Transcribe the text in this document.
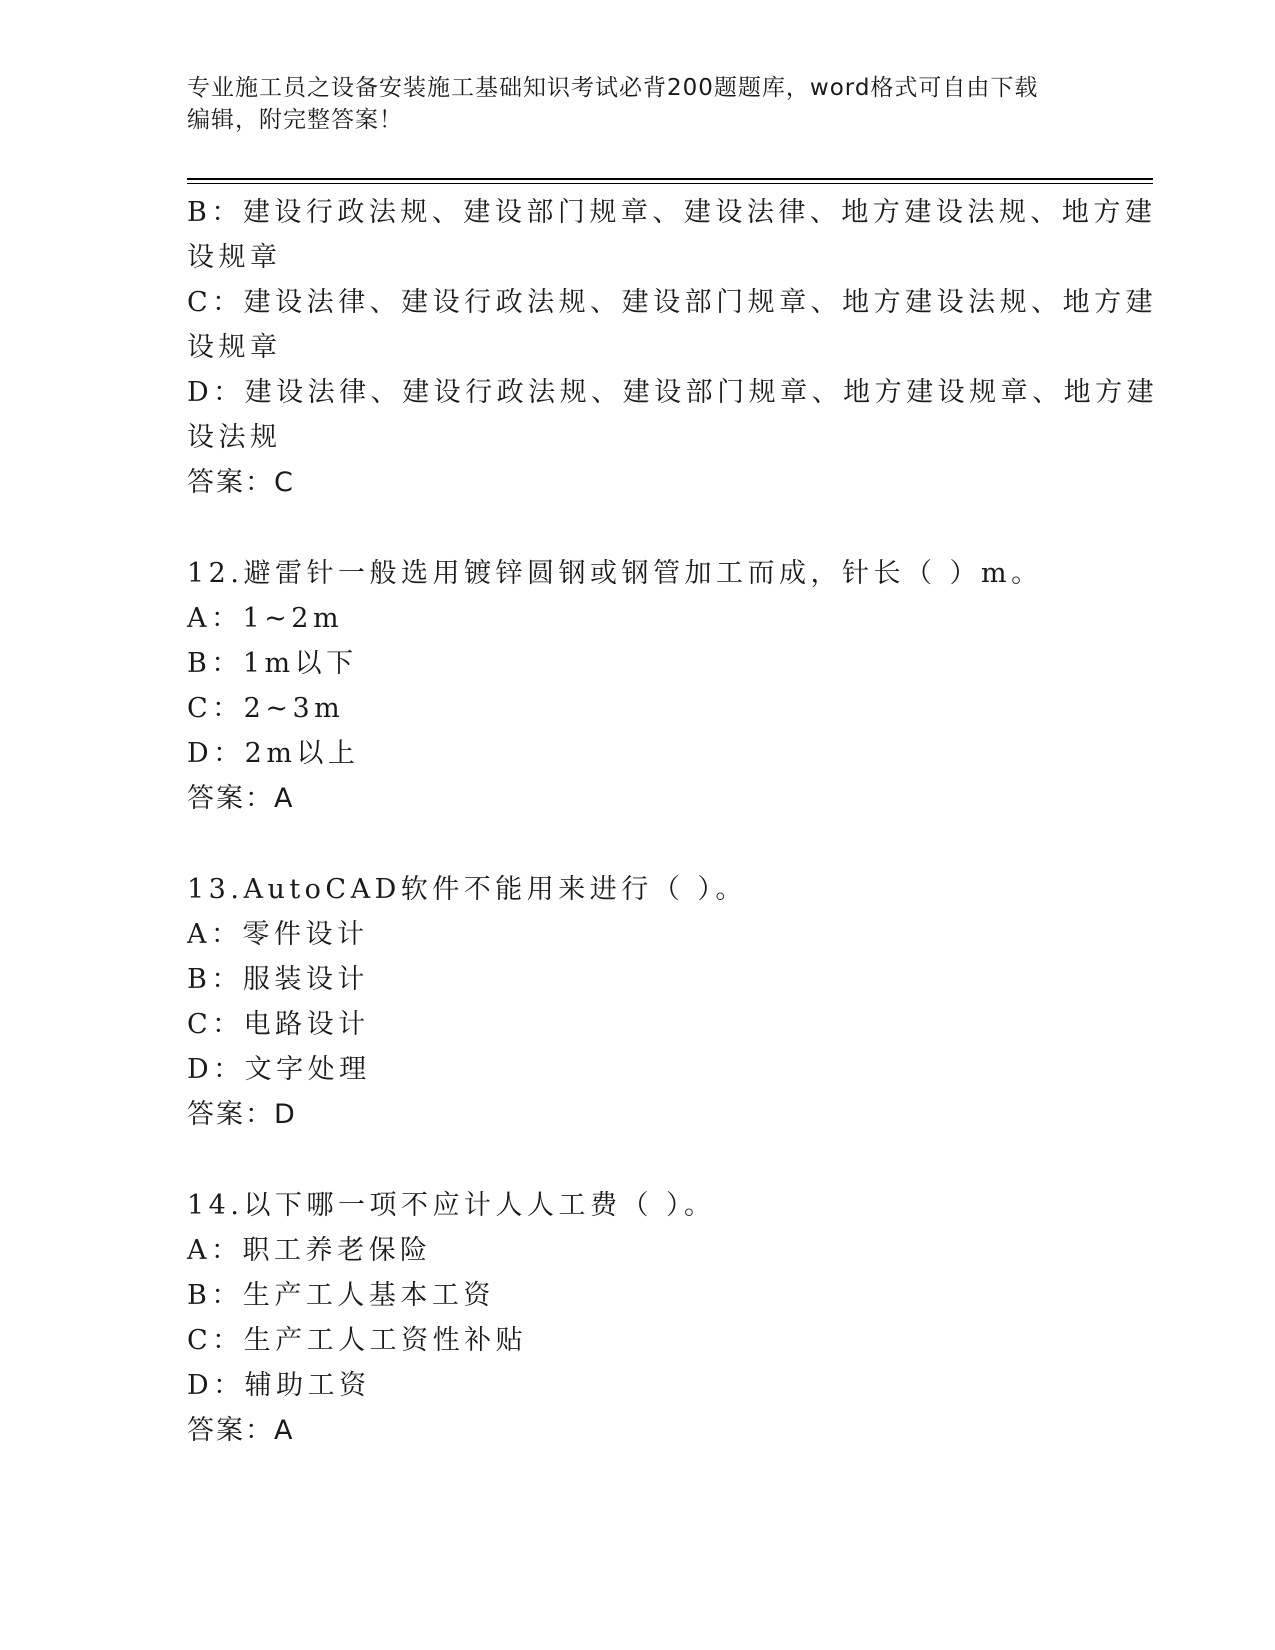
专业施工员之设备安装施工基础知识考试必背200题题库，word格式可自由下载
编辑，附完整答案！
B：建设行政法规、建设部门规章、建设法律、地方建设法规、地方建
设规章
C：建设法律、建设行政法规、建设部门规章、地方建设法规、地方建
设规章
D：建设法律、建设行政法规、建设部门规章、地方建设规章、地方建
设法规
答案：C
12.避雷针一般选用镀锌圆钢或钢管加工而成，针长（ ）m。
A：1~2m
B：1m以下
C：2~3m
D：2m以上
答案：A
13.AutoCAD软件不能用来进行（ ）。
A：零件设计
B：服装设计
C：电路设计
D：文字处理
答案：D
14.以下哪一项不应计人人工费（ ）。
A：职工养老保险
B：生产工人基本工资
C：生产工人工资性补贴
D：辅助工资
答案：A
